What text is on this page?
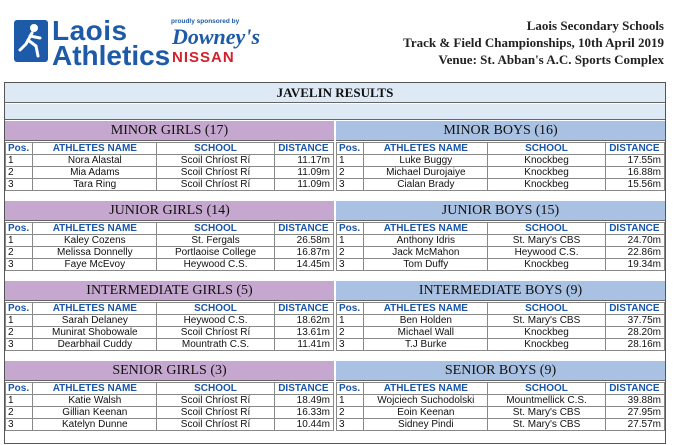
Laois
Athletics
proudly sponsored by
Downey's
NISSAN
Laois Secondary Schools
Track & Field Championships, 10th April 2019
Venue: St. Abban's A.C. Sports Complex
JAVELIN RESULTS
MINOR GIRLS (17)
Pos.	ATHLETES NAME	SCHOOL	DISTANCE
1	Nora Alastal	Scoil Chríost Rí	11.17m
2	Mia Adams	Scoil Chríost Rí	11.09m
3	Tara Ring	Scoil Chríost Rí	11.09m
MINOR BOYS (16)
Pos.	ATHLETES NAME	SCHOOL	DISTANCE
1	Luke Buggy	Knockbeg	17.55m
2	Michael Durojaiye	Knockbeg	16.88m
3	Cialan Brady	Knockbeg	15.56m
JUNIOR GIRLS (14)
Pos.	ATHLETES NAME	SCHOOL	DISTANCE
1	Kaley Cozens	St. Fergals	26.58m
2	Melissa Donnelly	Portlaoise College	16.87m
3	Faye McEvoy	Heywood C.S.	14.45m
JUNIOR BOYS (15)
Pos.	ATHLETES NAME	SCHOOL	DISTANCE
1	Anthony Idris	St. Mary's CBS	24.70m
2	Jack McMahon	Heywood C.S.	22.86m
3	Tom Duffy	Knockbeg	19.34m
INTERMEDIATE GIRLS (5)
Pos.	ATHLETES NAME	SCHOOL	DISTANCE
1	Sarah Delaney	Heywood C.S.	18.62m
2	Munirat Shobowale	Scoil Chríost Rí	13.61m
3	Dearbhail Cuddy	Mountrath C.S.	11.41m
INTERMEDIATE BOYS (9)
Pos.	ATHLETES NAME	SCHOOL	DISTANCE
1	Ben Holden	St. Mary's CBS	37.75m
2	Michael Wall	Knockbeg	28.20m
3	T.J Burke	Knockbeg	28.16m
SENIOR GIRLS (3)
Pos.	ATHLETES NAME	SCHOOL	DISTANCE
1	Katie Walsh	Scoil Chríost Rí	18.49m
2	Gillian Keenan	Scoil Chríost Rí	16.33m
3	Katelyn Dunne	Scoil Chríost Rí	10.44m
SENIOR BOYS (9)
Pos.	ATHLETES NAME	SCHOOL	DISTANCE
1	Wojciech Suchodolski	Mountmellick C.S.	39.88m
2	Eoin Keenan	St. Mary's CBS	27.95m
3	Sidney Pindi	St. Mary's CBS	27.57m
